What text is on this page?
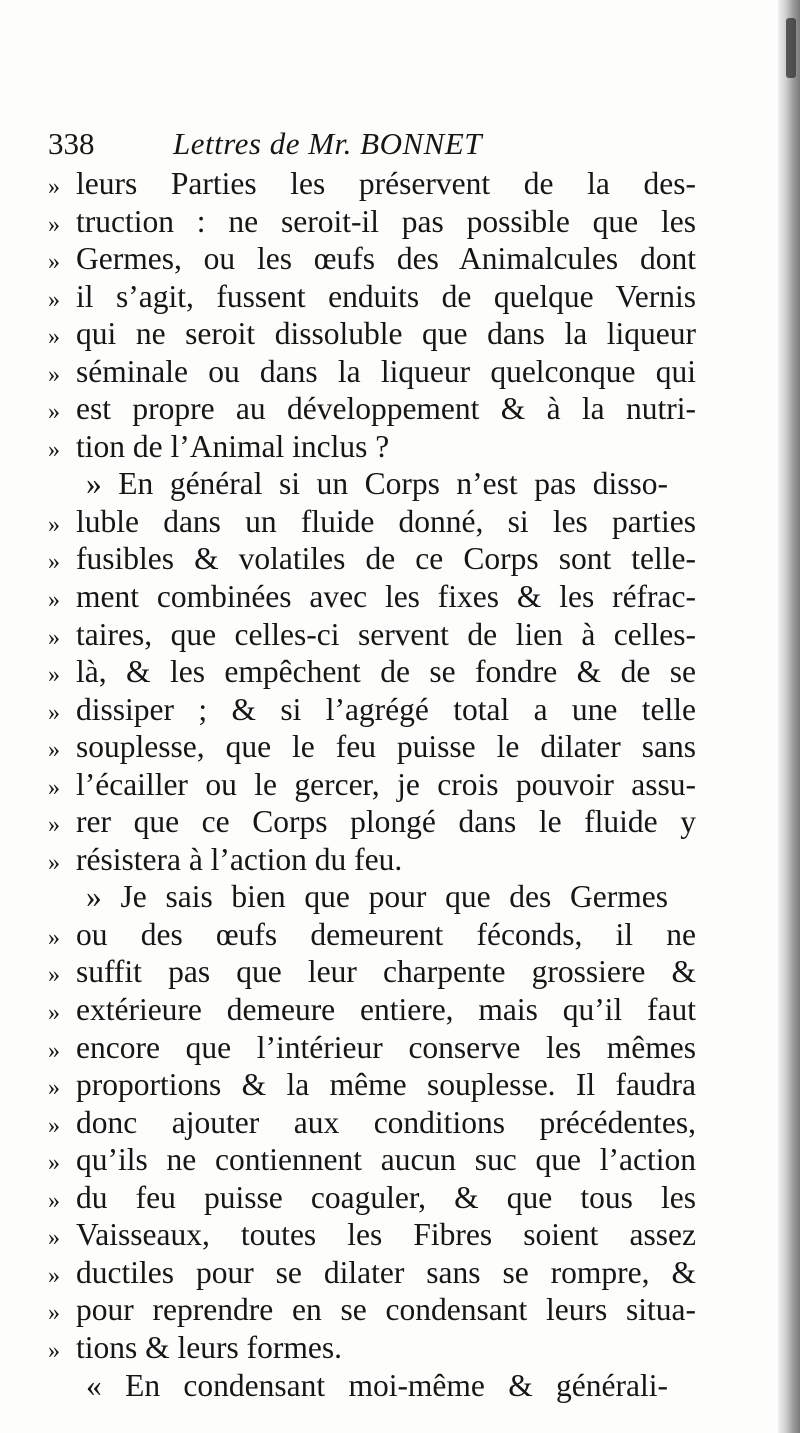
338	Lettres de Mr. BONNET
» leurs Parties les préservent de la des-
» truction : ne seroit-il pas possible que les
» Germes, ou les œufs des Animalcules dont
» il s’agit, fussent enduits de quelque Vernis
» qui ne seroit dissoluble que dans la liqueur
» séminale ou dans la liqueur quelconque qui
» est propre au développement & à la nutri-
» tion de l’Animal inclus ?
» En général si un Corps n’est pas disso-
» luble dans un fluide donné, si les parties
» fusibles & volatiles de ce Corps sont telle-
» ment combinées avec les fixes & les réfrac-
» taires, que celles-ci servent de lien à celles-
» là, & les empêchent de se fondre & de se
» dissiper ; & si l’agrégé total a une telle
» souplesse, que le feu puisse le dilater sans
» l’écailler ou le gercer, je crois pouvoir assu-
» rer que ce Corps plongé dans le fluide y
» résistera à l’action du feu.
» Je sais bien que pour que des Germes
» ou des œufs demeurent féconds, il ne
» suffit pas que leur charpente grossiere &
» extérieure demeure entiere, mais qu’il faut
» encore que l’intérieur conserve les mêmes
» proportions & la même souplesse. Il faudra
» donc ajouter aux conditions précédentes,
» qu’ils ne contiennent aucun suc que l’action
» du feu puisse coaguler, & que tous les
» Vaisseaux, toutes les Fibres soient assez
» ductiles pour se dilater sans se rompre, &
» pour reprendre en se condensant leurs situa-
» tions & leurs formes.
« En condensant moi-même & générali-
